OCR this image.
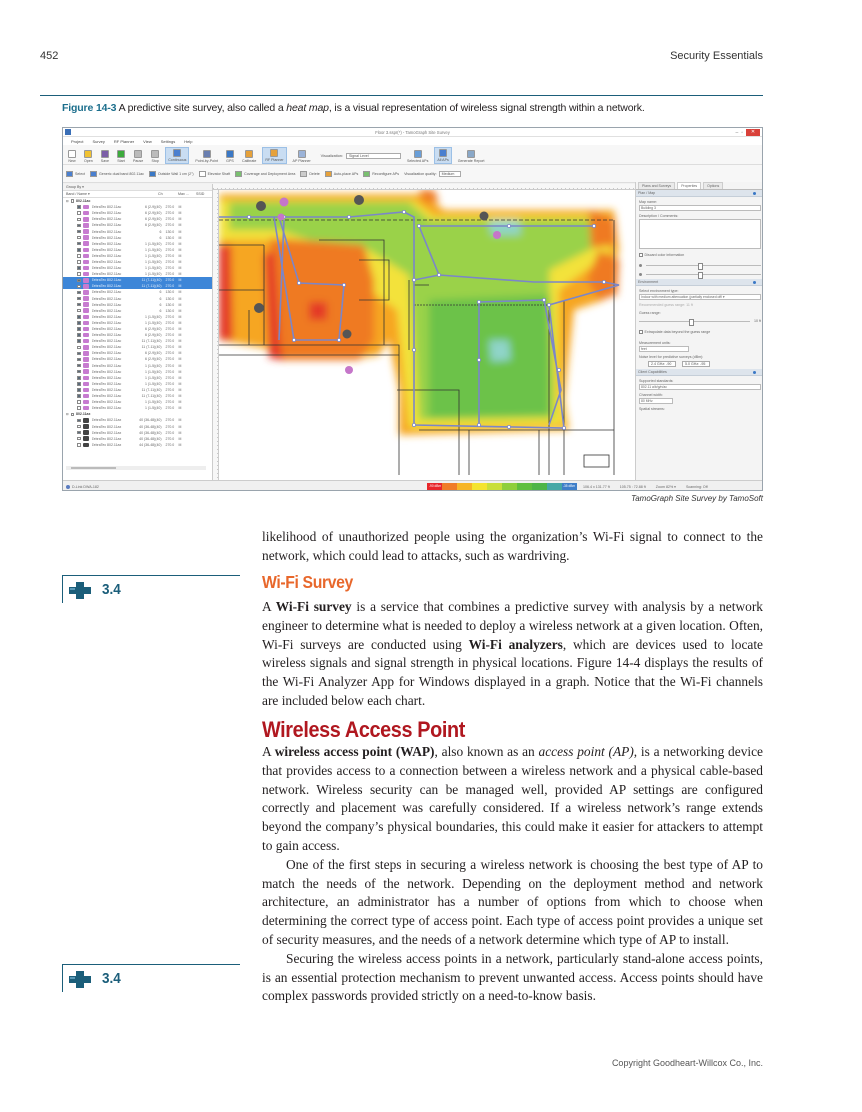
452	Security Essentials
Figure 14-3 A predictive site survey, also called a heat map, is a visual representation of wireless signal strength within a network.
Floor 3.sspr(*) - TamoGraph Site Survey	– ▫	✕
Project Survey RF Planner View Settings Help
New Open Save Start Pause Stop	Continuous	Point-by-Point GPS Calibrate	RF Planner	AP Planner
Visualization:	Signal Level
Selected APs	All APs	Generate Report
Select	Generic dual band 802.11ac	Outside Wall 1 cm (2")	Elevator Shaft	Coverage and Deployment Area	Delete	Auto-place APs	Reconfigure APs Visualization quality:	Medium
Group By ▾
Band / Name ▾	Ch	Max ...	SSID
⊟ 802.11ac
ZebraTec 802.11ac	6 (2-9)(40)	270.0	M
ZebraTec 802.11ac	6 (2-9)(40)	270.0	M
ZebraTec 802.11ac	6 (2-9)(40)	270.0	M
ZebraTec 802.11ac	6 (2-9)(40)	270.0	M
ZebraTec 802.11ac	6	130.0	M
ZebraTec 802.11ac	6	130.0	M
ZebraTec 802.11ac	1 (1-5)(40)	270.0	M
ZebraTec 802.11ac	1 (1-5)(40)	270.0	M
ZebraTec 802.11ac	1 (1-5)(40)	270.0	M
ZebraTec 802.11ac	1 (1-5)(40)	270.0	M
ZebraTec 802.11ac	1 (1-5)(40)	270.0	M
ZebraTec 802.11ac	1 (1-5)(40)	270.0	M
ZebraTec 802.11ac	11 (7-11)(40)	270.0	M
ZebraTec 802.11ac	11 (7-11)(40)	270.0	M
ZebraTec 802.11ac	6	130.0	M
ZebraTec 802.11ac	6	130.0	M
ZebraTec 802.11ac	6	130.0	M
ZebraTec 802.11ac	6	130.0	M
ZebraTec 802.11ac	1 (1-5)(40)	270.0	M
ZebraTec 802.11ac	1 (1-5)(40)	270.0	M
ZebraTec 802.11ac	6 (2-9)(40)	270.0	M
ZebraTec 802.11ac	6 (2-9)(40)	270.0	M
ZebraTec 802.11ac	11 (7-11)(40)	270.0	M
ZebraTec 802.11ac	11 (7-11)(40)	270.0	M
ZebraTec 802.11ac	6 (2-9)(40)	270.0	M
ZebraTec 802.11ac	6 (2-9)(40)	270.0	M
ZebraTec 802.11ac	1 (1-5)(40)	270.0	M
ZebraTec 802.11ac	1 (1-5)(40)	270.0	M
ZebraTec 802.11ac	1 (1-5)(40)	270.0	M
ZebraTec 802.11ac	1 (1-5)(40)	270.0	M
ZebraTec 802.11ac	11 (7-11)(40)	270.0	M
ZebraTec 802.11ac	11 (7-11)(40)	270.0	M
ZebraTec 802.11ac	1 (1-5)(40)	270.0	M
ZebraTec 802.11ac	1 (1-5)(40)	270.0	M
⊟ 802.11ax
ZebraTec 802.11ax	40 (36-48)(40)	270.0	M
ZebraTec 802.11ax	40 (36-48)(40)	270.0	M
ZebraTec 802.11ax	40 (36-48)(40)	270.0	M
ZebraTec 802.11ax	40 (36-48)(40)	270.0	M
ZebraTec 802.11ax	44 (36-48)(40)	270.0	M
Plans and Surveys	Properties	Options
Plan / Map
Map name:
Building 3
Description / Comments:
Discard color information
Environment
Select environment type:
Indoor with medium attenuation (partially enclosed offi ▾
Recommended guess range: 11 ft
Guess range:
10 ft
Extrapolate data beyond the guess range
Measurement units:
feet
Noise level for predictive surveys (dBm):
2.4 GHz: -90	5.0 GHz: -95
Client Capabilities
Supported standards:
802.11 a/b/g/n/ac
Channel width:
80 MHz
Spatial streams:
D-Link DWA-182	-90 dBm	-35 dBm 106.4 x 131.77 ft	105.75 : 72.88 ft	Zoom 82% ▾	Scanning: Off
TamoGraph Site Survey by TamoSoft

likelihood of unauthorized people using the organization’s Wi-Fi signal to connect to the network, which could lead to attacks, such as wardriving.

3.4	Wi-Fi Survey

A Wi-Fi survey is a service that combines a predictive survey with analysis by a network engineer to determine what is needed to deploy a wireless network at a given location. Often, Wi-Fi surveys are conducted using Wi-Fi analyzers, which are devices used to locate wireless signals and signal strength in physical locations. Figure 14-4 displays the results of the Wi-Fi Analyzer App for Windows displayed in a graph. Notice that the Wi-Fi channels are included below each chart.

Wireless Access Point

A wireless access point (WAP), also known as an access point (AP), is a networking device that provides access to a connection between a wireless network and a physical cable-based network. Wireless security can be managed well, provided AP settings are configured correctly and placement was carefully considered. If a wireless network’s range extends beyond the company’s physical boundaries, this could make it easier for attackers to attempt to gain access.

One of the first steps in securing a wireless network is choosing the best type of AP to match the needs of the network. Depending on the deployment method and network architecture, an administrator has a number of options from which to choose when determining the correct type of access point. Each type of access point provides a unique set of security measures, and the needs of a network determine which type of AP to install.

Securing the wireless access points in a network, particularly stand-alone access points, is an essential protection mechanism to prevent unwanted access. Access points should have complex passwords provided strictly on a need-to-know basis.

3.4
Copyright Goodheart-Willcox Co., Inc.
